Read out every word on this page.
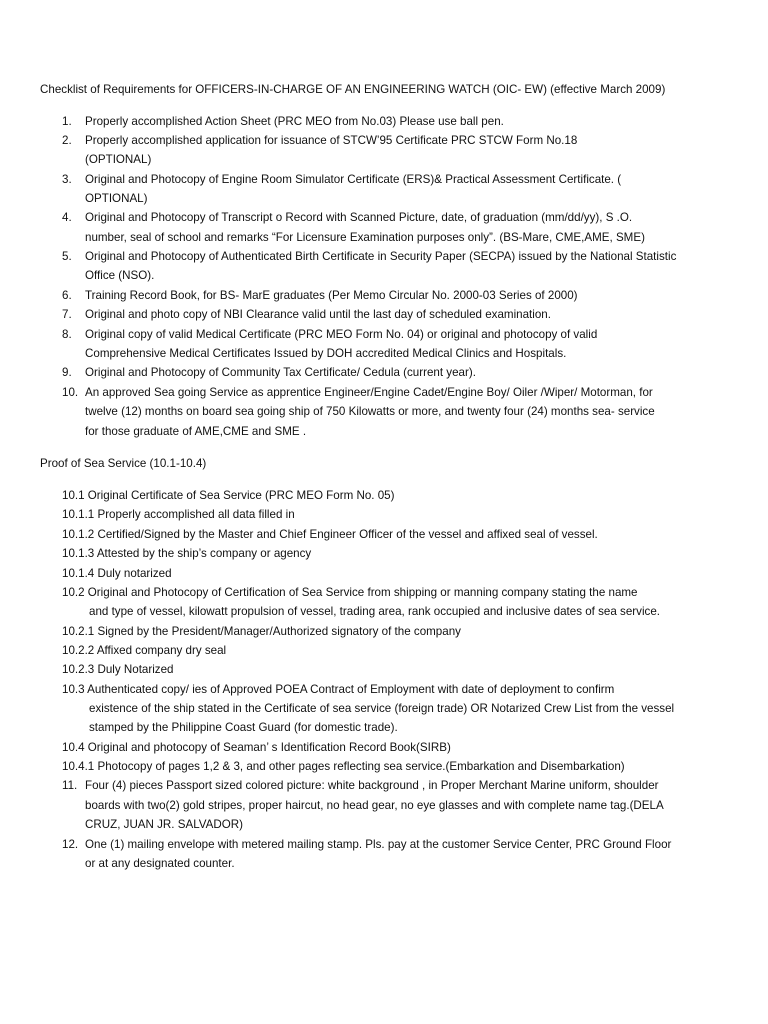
Checklist of Requirements for OFFICERS-IN-CHARGE OF AN ENGINEERING WATCH (OIC- EW) (effective March 2009)
1. Properly accomplished Action Sheet (PRC MEO from No.03) Please use ball pen.
2. Properly accomplished application for issuance of STCW’95 Certificate PRC STCW Form No.18
(OPTIONAL)
3. Original and Photocopy of Engine Room Simulator Certificate (ERS)& Practical Assessment Certificate. (
OPTIONAL)
4. Original and Photocopy of Transcript o Record with Scanned Picture, date, of graduation (mm/dd/yy), S .O.
number, seal of school and remarks “For Licensure Examination purposes only”. (BS-Mare, CME,AME, SME)
5. Original and Photocopy of Authenticated Birth Certificate in Security Paper (SECPA) issued by the National Statistic
Office (NSO).
6. Training Record Book, for BS- MarE graduates (Per Memo Circular No. 2000-03 Series of 2000)
7. Original and photo copy of NBI Clearance valid until the last day of scheduled examination.
8. Original copy of valid Medical Certificate (PRC MEO Form No. 04) or original and photocopy of valid
Comprehensive Medical Certificates Issued by DOH accredited Medical Clinics and Hospitals.
9. Original and Photocopy of Community Tax Certificate/ Cedula (current year).
10. An approved Sea going Service as apprentice Engineer/Engine Cadet/Engine Boy/ Oiler /Wiper/ Motorman, for
twelve (12) months on board sea going ship of 750 Kilowatts or more, and twenty four (24) months sea- service
for those graduate of AME,CME and SME .
Proof of Sea Service (10.1-10.4)
10.1 Original Certificate of Sea Service (PRC MEO Form No. 05)
10.1.1 Properly accomplished all data filled in
10.1.2 Certified/Signed by the Master and Chief Engineer Officer of the vessel and affixed seal of vessel.
10.1.3 Attested by the ship’s company or agency
10.1.4 Duly notarized
10.2 Original and Photocopy of Certification of Sea Service from shipping or manning company stating the name
and type of vessel, kilowatt propulsion of vessel, trading area, rank occupied and inclusive dates of sea service.
10.2.1 Signed by the President/Manager/Authorized signatory of the company
10.2.2 Affixed company dry seal
10.2.3 Duly Notarized
10.3 Authenticated copy/ ies of Approved POEA Contract of Employment with date of deployment to confirm
existence of the ship stated in the Certificate of sea service (foreign trade) OR Notarized Crew List from the vessel
stamped by the Philippine Coast Guard (for domestic trade).
10.4 Original and photocopy of Seaman’ s Identification Record Book(SIRB)
10.4.1 Photocopy of pages 1,2 & 3, and other pages reflecting sea service.(Embarkation and Disembarkation)
11. Four (4) pieces Passport sized colored picture: white background , in Proper Merchant Marine uniform, shoulder
boards with two(2) gold stripes, proper haircut, no head gear, no eye glasses and with complete name tag.(DELA
CRUZ, JUAN JR. SALVADOR)
12. One (1) mailing envelope with metered mailing stamp. Pls. pay at the customer Service Center, PRC Ground Floor
or at any designated counter.
